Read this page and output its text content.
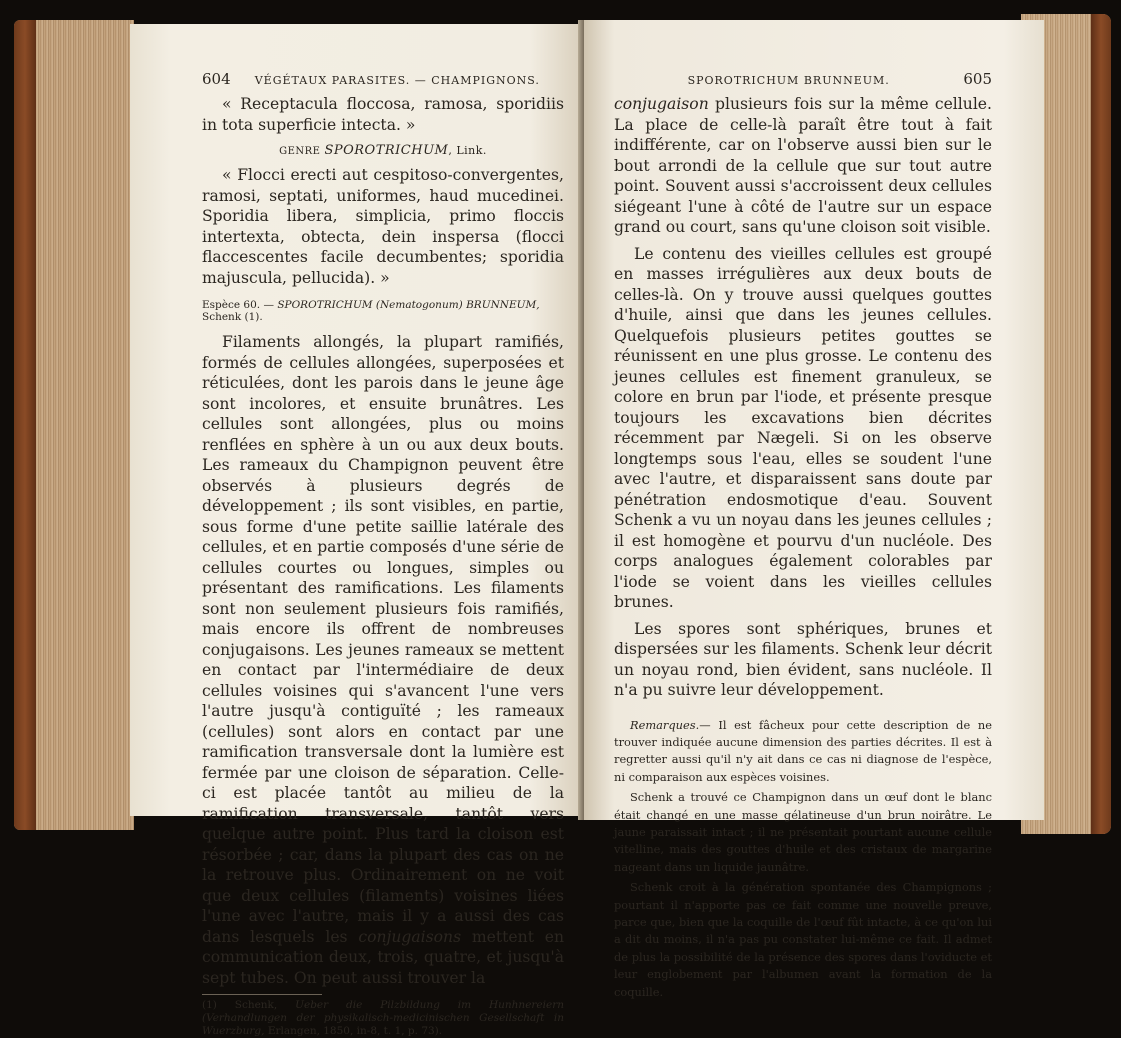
604	VÉGÉTAUX PARASITES. — CHAMPIGNONS.

« Receptacula floccosa, ramosa, sporidiis in tota superficie intecta. »

GENRE SPOROTRICHUM, Link.

« Flocci erecti aut cespitoso-convergentes, ramosi, septati, uniformes, haud mucedinei. Sporidia libera, simplicia, primo floccis intertexta, obtecta, dein inspersa (flocci flaccescentes facile decumbentes; sporidia majuscula, pellucida). »

Espèce 60. — SPOROTRICHUM (Nematogonum) BRUNNEUM, Schenk (1).

Filaments allongés, la plupart ramifiés, formés de cellules allongées, superposées et réticulées, dont les parois dans le jeune âge sont incolores, et ensuite brunâtres. Les cellules sont allongées, plus ou moins renflées en sphère à un ou aux deux bouts. Les rameaux du Champignon peuvent être observés à plusieurs degrés de développement ; ils sont visibles, en partie, sous forme d'une petite saillie latérale des cellules, et en partie composés d'une série de cellules courtes ou longues, simples ou présentant des ramifications. Les filaments sont non seulement plusieurs fois ramifiés, mais encore ils offrent de nombreuses conjugaisons. Les jeunes rameaux se mettent en contact par l'intermédiaire de deux cellules voisines qui s'avancent l'une vers l'autre jusqu'à contiguïté ; les rameaux (cellules) sont alors en contact par une ramification transversale dont la lumière est fermée par une cloison de séparation. Celle-ci est placée tantôt au milieu de la ramification transversale, tantôt vers quelque autre point. Plus tard la cloison est résorbée ; car, dans la plupart des cas on ne la retrouve plus. Ordinairement on ne voit que deux cellules (filaments) voisines liées l'une avec l'autre, mais il y a aussi des cas dans lesquels les conjugaisons mettent en communication deux, trois, quatre, et jusqu'à sept tubes. On peut aussi trouver la

(1) Schenk, Ueber die Pilzbildung im Hunhnereiern (Verhandlungen der physikalisch-medicinischen Gesellschaft in Wuerzburg, Erlangen, 1850, in-8, t. 1, p. 73).

SPOROTRICHUM BRUNNEUM.	605

conjugaison plusieurs fois sur la même cellule. La place de celle-là paraît être tout à fait indifférente, car on l'observe aussi bien sur le bout arrondi de la cellule que sur tout autre point. Souvent aussi s'accroissent deux cellules siégeant l'une à côté de l'autre sur un espace grand ou court, sans qu'une cloison soit visible.

Le contenu des vieilles cellules est groupé en masses irrégulières aux deux bouts de celles-là. On y trouve aussi quelques gouttes d'huile, ainsi que dans les jeunes cellules. Quelquefois plusieurs petites gouttes se réunissent en une plus grosse. Le contenu des jeunes cellules est finement granuleux, se colore en brun par l'iode, et présente presque toujours les excavations bien décrites récemment par Nægeli. Si on les observe longtemps sous l'eau, elles se soudent l'une avec l'autre, et disparaissent sans doute par pénétration endosmotique d'eau. Souvent Schenk a vu un noyau dans les jeunes cellules ; il est homogène et pourvu d'un nucléole. Des corps analogues également colorables par l'iode se voient dans les vieilles cellules brunes.

Les spores sont sphériques, brunes et dispersées sur les filaments. Schenk leur décrit un noyau rond, bien évident, sans nucléole. Il n'a pu suivre leur développement.

Remarques.— Il est fâcheux pour cette description de ne trouver indiquée aucune dimension des parties décrites. Il est à regretter aussi qu'il n'y ait dans ce cas ni diagnose de l'espèce, ni comparaison aux espèces voisines.

Schenk a trouvé ce Champignon dans un œuf dont le blanc était changé en une masse gélatineuse d'un brun noirâtre. Le jaune paraissait intact ; il ne présentait pourtant aucune cellule vitelline, mais des gouttes d'huile et des cristaux de margarine nageant dans un liquide jaunâtre.

Schenk croit à la génération spontanée des Champignons ; pourtant il n'apporte pas ce fait comme une nouvelle preuve, parce que, bien que la coquille de l'œuf fût intacte, à ce qu'on lui a dit du moins, il n'a pas pu constater lui-même ce fait. Il admet de plus la possibilité de la présence des spores dans l'oviducte et leur englobement par l'albumen avant la formation de la coquille.
